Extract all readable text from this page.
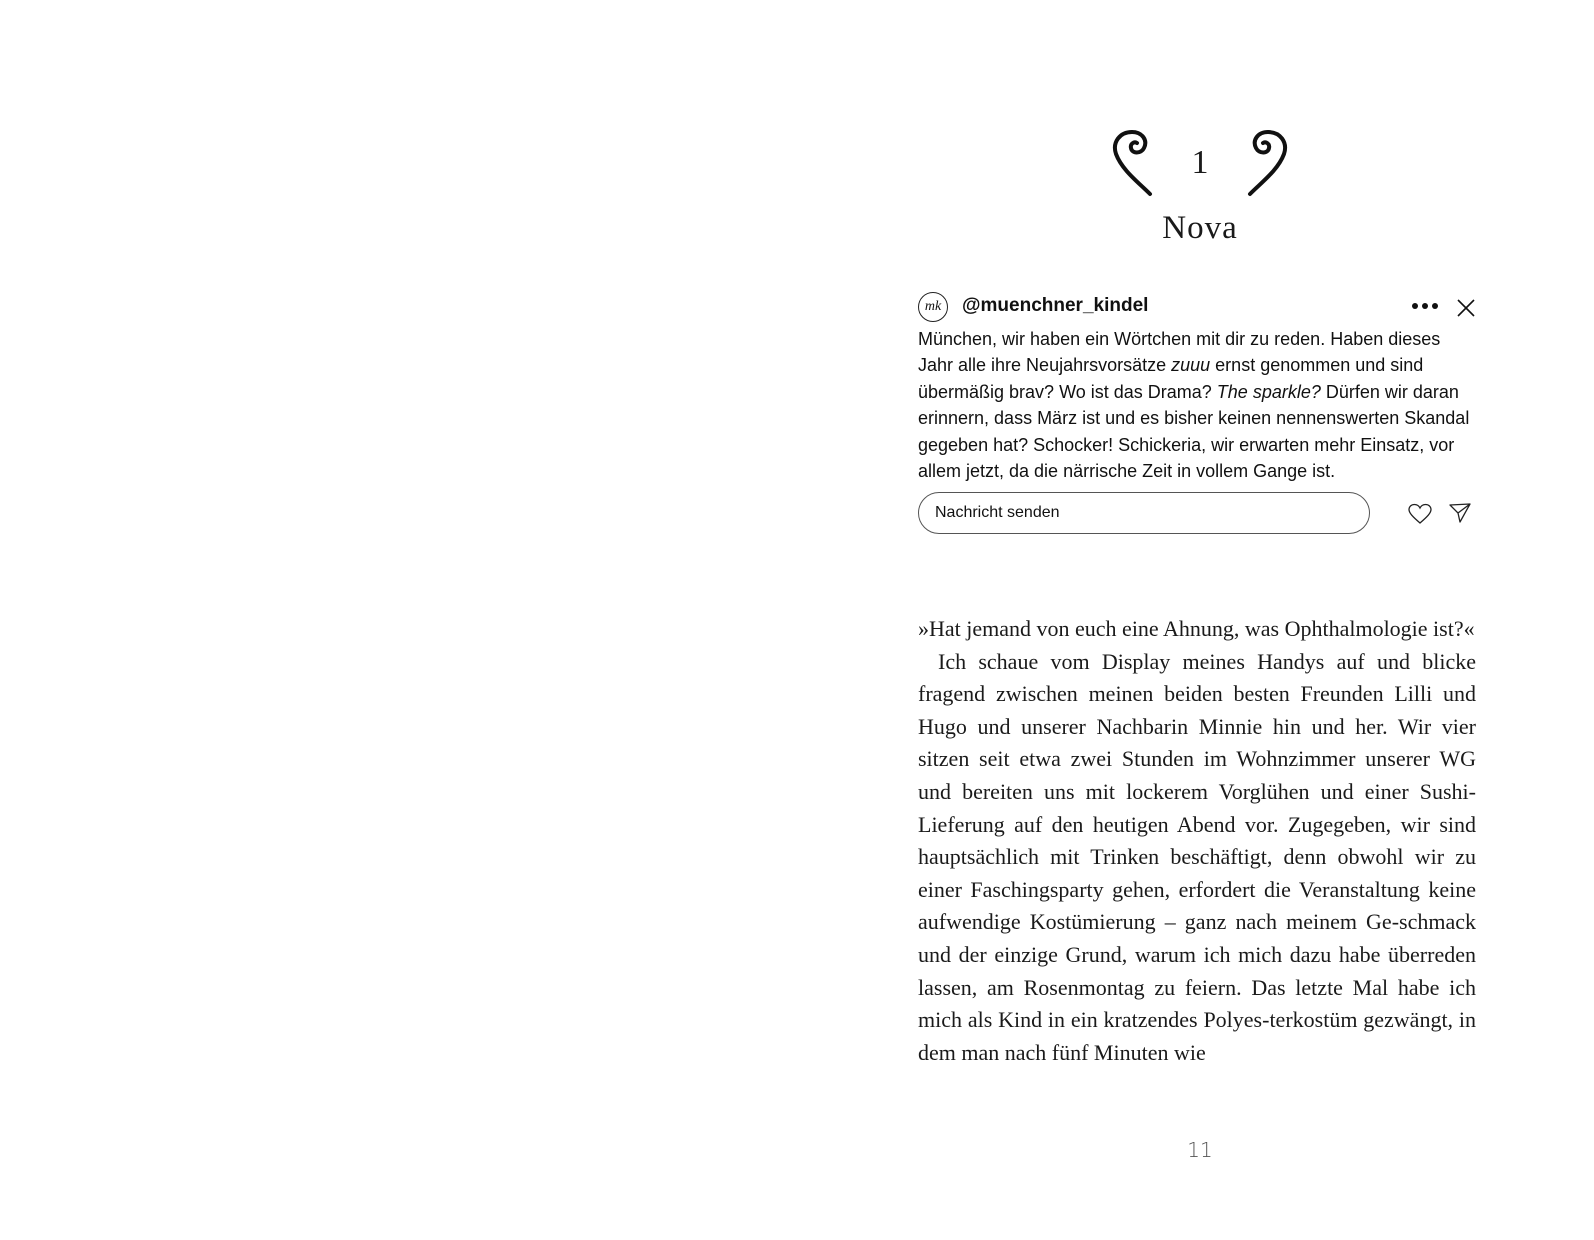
1
Nova
mk	@muenchner_kindel
München, wir haben ein Wörtchen mit dir zu reden. Haben dieses Jahr alle ihre Neujahrsvorsätze zuuu ernst genommen und sind übermäßig brav? Wo ist das Drama? The sparkle? Dürfen wir daran erinnern, dass März ist und es bisher keinen nennenswerten Skandal gegeben hat? Schocker! Schickeria, wir erwarten mehr Einsatz, vor allem jetzt, da die närrische Zeit in vollem Gange ist.
Nachricht senden

»Hat jemand von euch eine Ahnung, was Ophthalmologie ist?«

Ich schaue vom Display meines Handys auf und blicke fragend zwischen meinen beiden besten Freunden Lilli und Hugo und unserer Nachbarin Minnie hin und her. Wir vier sitzen seit etwa zwei Stunden im Wohnzimmer unserer WG und bereiten uns mit lockerem Vorglühen und einer Sushi-Lieferung auf den heutigen Abend vor. Zugegeben, wir sind hauptsächlich mit Trinken beschäftigt, denn obwohl wir zu einer Faschingsparty gehen, erfordert die Veranstaltung keine aufwendige Kostümierung – ganz nach meinem Ge-schmack und der einzige Grund, warum ich mich dazu habe überreden lassen, am Rosenmontag zu feiern. Das letzte Mal habe ich mich als Kind in ein kratzendes Polyes-terkostüm gezwängt, in dem man nach fünf Minuten wie

11
